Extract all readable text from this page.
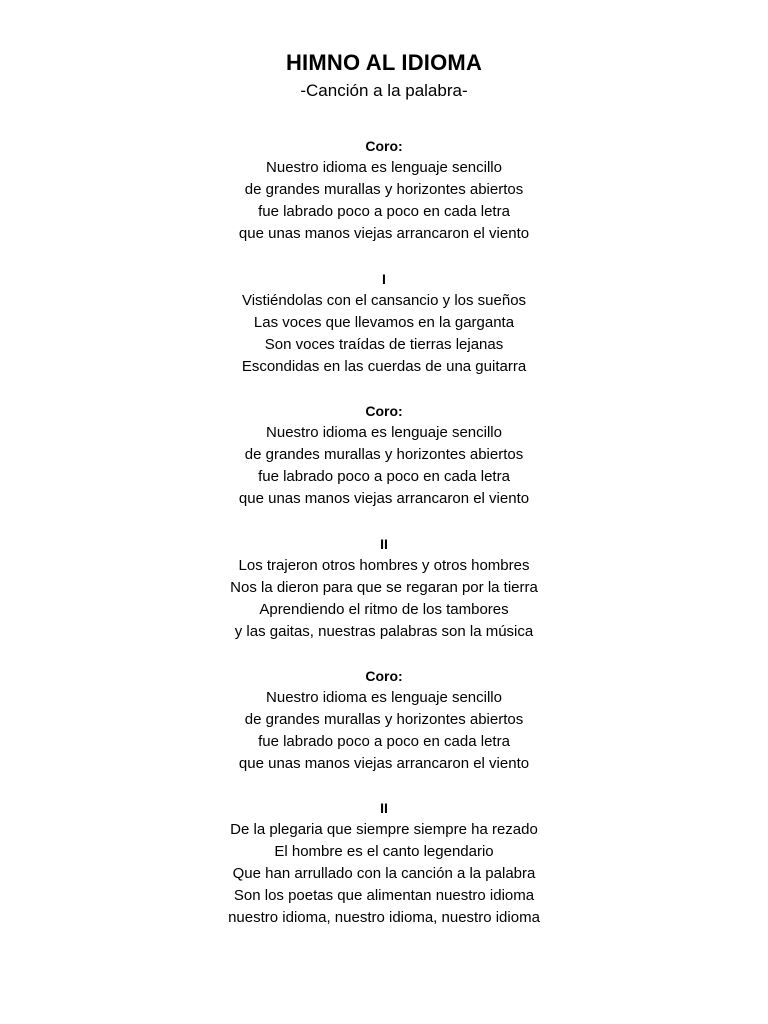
HIMNO AL IDIOMA
-Canción a la palabra-
Coro:
Nuestro idioma es lenguaje sencillo
de grandes murallas y horizontes abiertos
fue labrado poco a poco en cada letra
que unas manos viejas arrancaron el viento
I
Vistiéndolas con el cansancio y los sueños
Las voces que llevamos en la garganta
Son voces traídas de tierras lejanas
Escondidas en las cuerdas de una guitarra
Coro:
Nuestro idioma es lenguaje sencillo
de grandes murallas y horizontes abiertos
fue labrado poco a poco en cada letra
que unas manos viejas arrancaron el viento
II
Los trajeron otros hombres y otros hombres
Nos la dieron para que se regaran por la tierra
Aprendiendo el ritmo de los tambores
y las gaitas, nuestras palabras son la música
Coro:
Nuestro idioma es lenguaje sencillo
de grandes murallas y horizontes abiertos
fue labrado poco a poco en cada letra
que unas manos viejas arrancaron el viento
II
De la plegaria que siempre siempre ha rezado
El hombre es el canto legendario
Que han arrullado con la canción a la palabra
Son los poetas que alimentan nuestro idioma
nuestro idioma, nuestro idioma, nuestro idioma
